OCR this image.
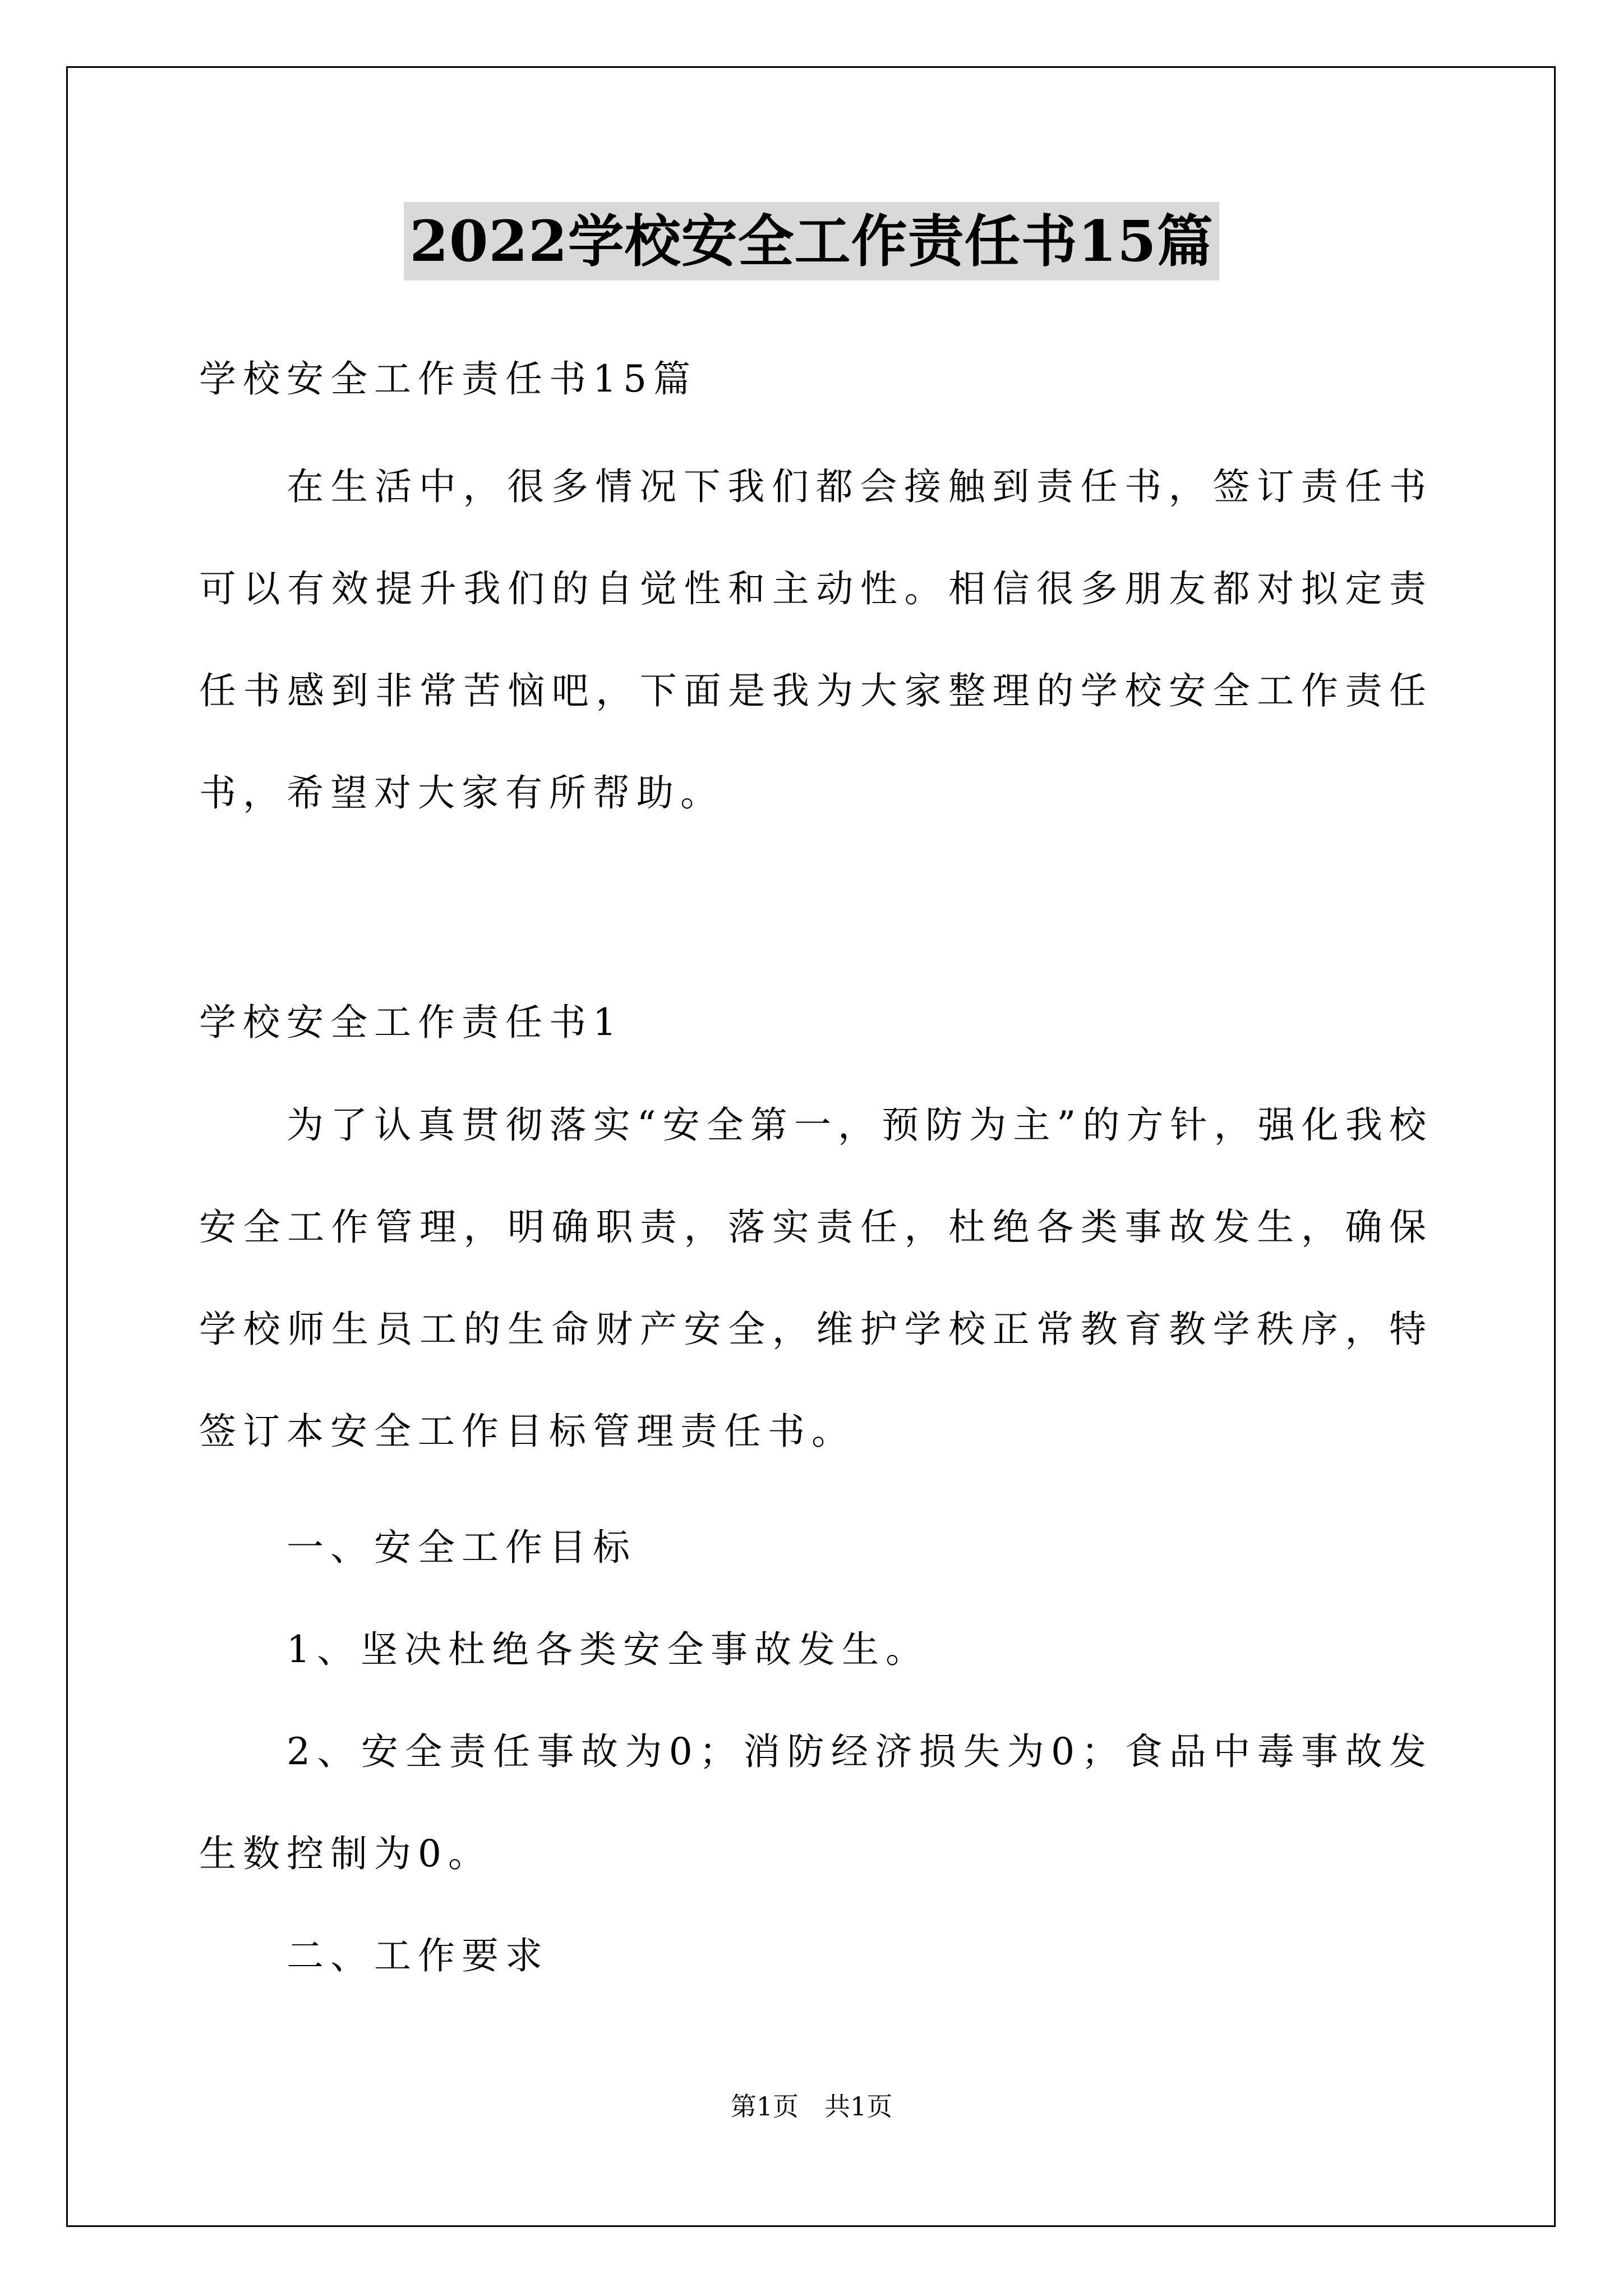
2022学校安全工作责任书15篇

学校安全工作责任书15篇

在生活中，很多情况下我们都会接触到责任书，签订责任书可以有效提升我们的自觉性和主动性。相信很多朋友都对拟定责任书感到非常苦恼吧，下面是我为大家整理的学校安全工作责任书，希望对大家有所帮助。

学校安全工作责任书1

为了认真贯彻落实“安全第一，预防为主”的方针，强化我校安全工作管理，明确职责，落实责任，杜绝各类事故发生，确保学校师生员工的生命财产安全，维护学校正常教育教学秩序，特签订本安全工作目标管理责任书。

一、安全工作目标

1、坚决杜绝各类安全事故发生。

2、安全责任事故为0；消防经济损失为0；食品中毒事故发生数控制为0。

二、工作要求

第1页　共1页
